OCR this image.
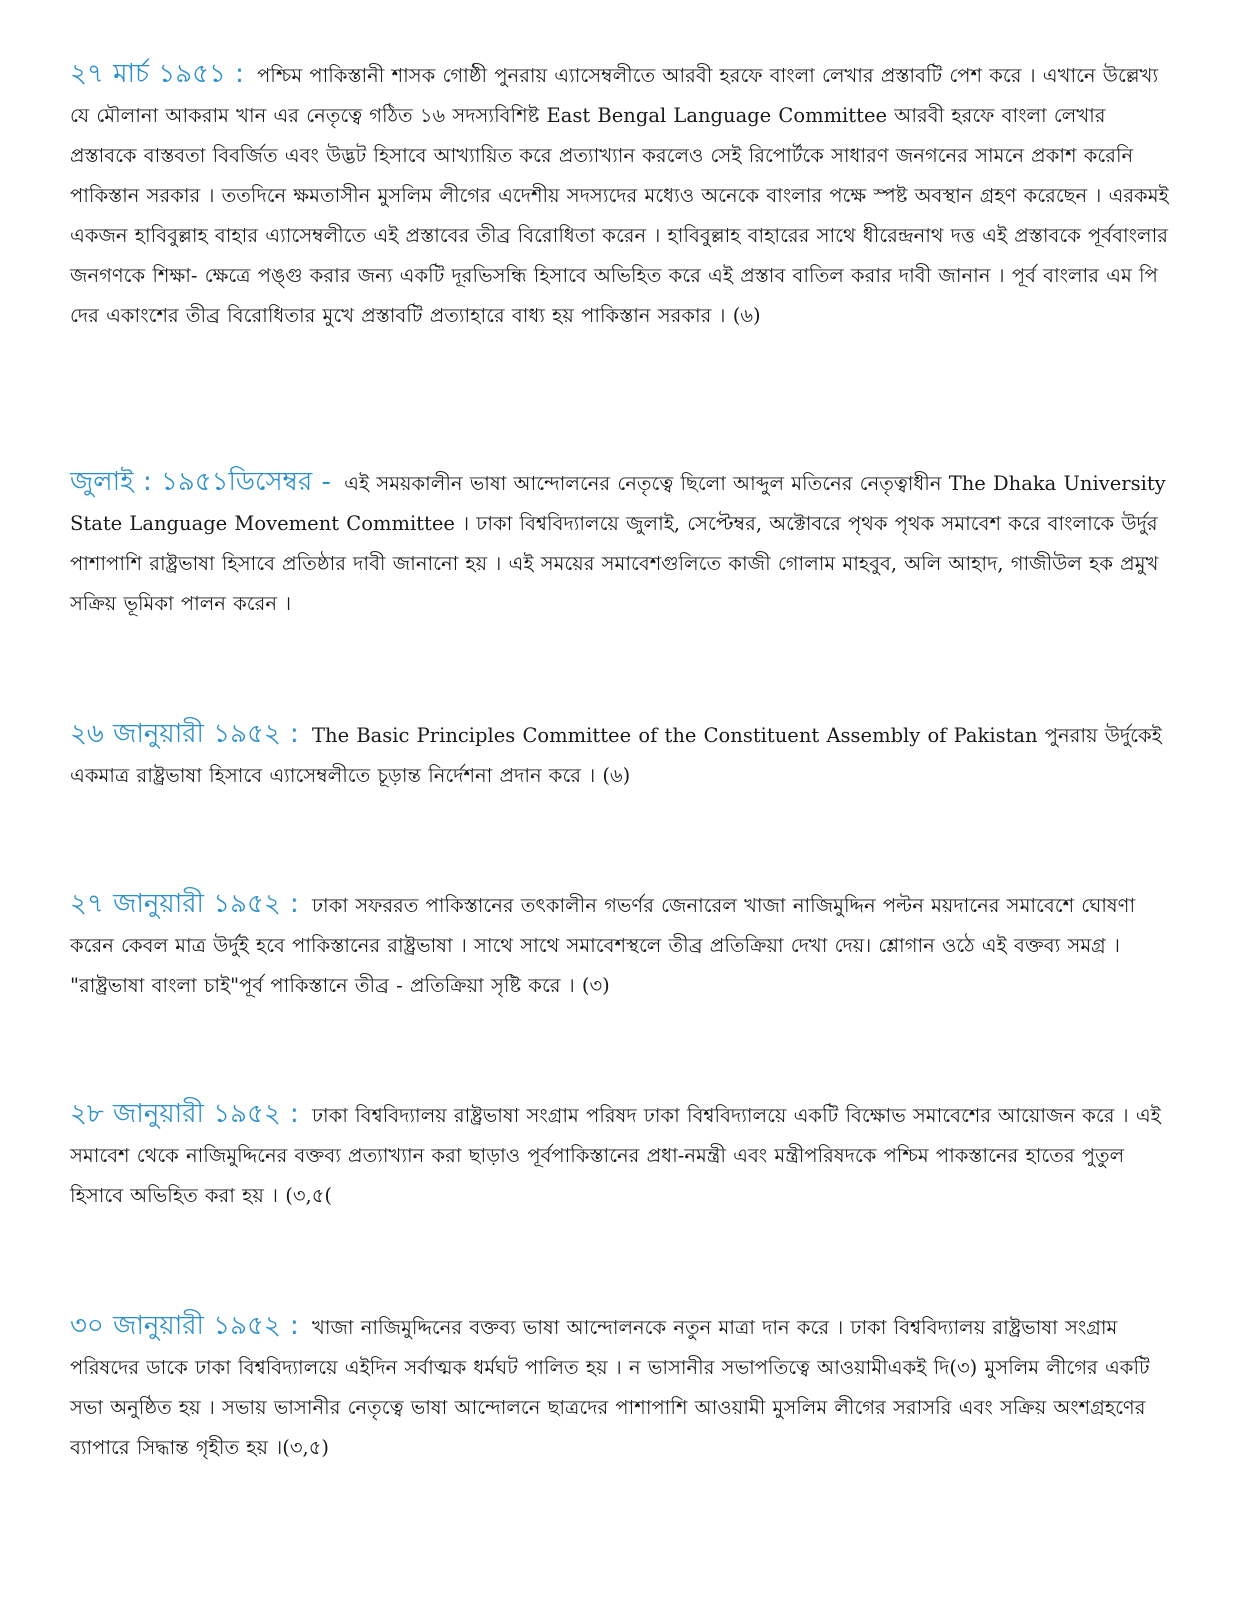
২৭ মার্চ ১৯৫১ : পশ্চিম পাকিস্তানী শাসক গোষ্ঠী পুনরায় এ্যাসেম্বলীতে আরবী হরফে বাংলা লেখার প্রস্তাবটি পেশ করে । এখানে উল্লেখ্য যে মৌলানা আকরাম খান এর নেতৃত্বে গঠিত ১৬ সদস্যবিশিষ্ট East Bengal Language Committee আরবী হরফে বাংলা লেখার প্রস্তাবকে বাস্তবতা বিবর্জিত এবং উদ্ভট হিসাবে আখ্যায়িত করে প্রত্যাখ্যান করলেও সেই রিপোর্টকে সাধারণ জনগনের সামনে প্রকাশ করেনি পাকিস্তান সরকার । ততদিনে ক্ষমতাসীন মুসলিম লীগের এদেশীয় সদস্যদের মধ্যেও অনেকে বাংলার পক্ষে স্পষ্ট অবস্থান গ্রহণ করেছেন । এরকমই একজন হাবিবুল্লাহ বাহার এ্যাসেম্বলীতে এই প্রস্তাবের তীব্র বিরোধিতা করেন । হাবিবুল্লাহ বাহারের সাথে ধীরেন্দ্রনাথ দত্ত এই প্রস্তাবকে পূর্ববাংলার জনগণকে শিক্ষা- ক্ষেত্রে পঙ্গু করার জন্য একটি দূরভিসন্ধি হিসাবে অভিহিত করে এই প্রস্তাব বাতিল করার দাবী জানান । পূর্ব বাংলার এম পি দের একাংশের তীব্র বিরোধিতার মুখে প্রস্তাবটি প্রত্যাহারে বাধ্য হয় পাকিস্তান সরকার । (৬)

জুলাই : ১৯৫১ডিসেম্বর - এই সময়কালীন ভাষা আন্দোলনের নেতৃত্বে ছিলো আব্দুল মতিনের নেতৃত্বাধীন The Dhaka University State Language Movement Committee । ঢাকা বিশ্ববিদ্যালয়ে জুলাই, সেপ্টেম্বর, অক্টোবরে পৃথক পৃথক সমাবেশ করে বাংলাকে উর্দুর পাশাপাশি রাষ্ট্রভাষা হিসাবে প্রতিষ্ঠার দাবী জানানো হয় । এই সময়ের সমাবেশগুলিতে কাজী গোলাম মাহবুব, অলি আহাদ, গাজীউল হক প্রমুখ সক্রিয় ভূমিকা পালন করেন ।

২৬ জানুয়ারী ১৯৫২ : The Basic Principles Committee of the Constituent Assembly of Pakistan পুনরায় উর্দুকেই একমাত্র রাষ্ট্রভাষা হিসাবে এ্যাসেম্বলীতে চূড়ান্ত নির্দেশনা প্রদান করে । (৬)

২৭ জানুয়ারী ১৯৫২ : ঢাকা সফররত পাকিস্তানের তৎকালীন গভর্ণর জেনারেল খাজা নাজিমুদ্দিন পল্টন ময়দানের সমাবেশে ঘোষণা করেন কেবল মাত্র উর্দুই হবে পাকিস্তানের রাষ্ট্রভাষা । সাথে সাথে সমাবেশস্থলে তীব্র প্রতিক্রিয়া দেখা দেয়। শ্লোগান ওঠে এই বক্তব্য সমগ্র । "রাষ্ট্রভাষা বাংলা চাই"পূর্ব পাকিস্তানে তীব্র - প্রতিক্রিয়া সৃষ্টি করে । (৩)

২৮ জানুয়ারী ১৯৫২ : ঢাকা বিশ্ববিদ্যালয় রাষ্ট্রভাষা সংগ্রাম পরিষদ ঢাকা বিশ্ববিদ্যালয়ে একটি বিক্ষোভ সমাবেশের আয়োজন করে । এই সমাবেশ থেকে নাজিমুদ্দিনের বক্তব্য প্রত্যাখ্যান করা ছাড়াও পূর্বপাকিস্তানের প্রধা-নমন্ত্রী এবং মন্ত্রীপরিষদকে পশ্চিম পাকস্তানের হাতের পুতুল হিসাবে অভিহিত করা হয় । (৩,৫(

৩০ জানুয়ারী ১৯৫২ : খাজা নাজিমুদ্দিনের বক্তব্য ভাষা আন্দোলনকে নতুন মাত্রা দান করে । ঢাকা বিশ্ববিদ্যালয় রাষ্ট্রভাষা সংগ্রাম পরিষদের ডাকে ঢাকা বিশ্ববিদ্যালয়ে এইদিন সর্বাত্মক ধর্মঘট পালিত হয় । ন ভাসানীর সভাপতিত্বে আওয়ামীএকই দি(৩) মুসলিম লীগের একটি সভা অনুষ্ঠিত হয় । সভায় ভাসানীর নেতৃত্বে ভাষা আন্দোলনে ছাত্রদের পাশাপাশি আওয়ামী মুসলিম লীগের সরাসরি এবং সক্রিয় অংশগ্রহণের ব্যাপারে সিদ্ধান্ত গৃহীত হয় ।(৩,৫)
